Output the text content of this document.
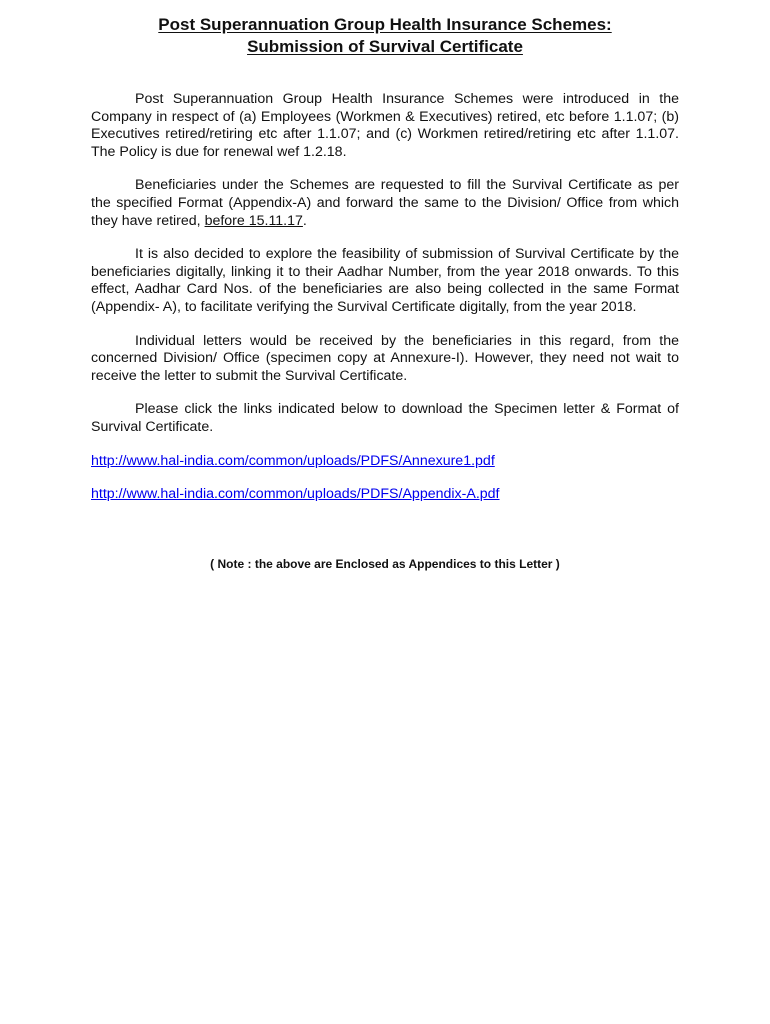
Post Superannuation Group Health Insurance Schemes:
Submission of Survival Certificate

Post Superannuation Group Health Insurance Schemes were introduced in the Company in respect of (a) Employees (Workmen & Executives) retired, etc before 1.1.07; (b) Executives retired/retiring etc after 1.1.07; and (c) Workmen retired/retiring etc after 1.1.07. The Policy is due for renewal wef 1.2.18.

Beneficiaries under the Schemes are requested to fill the Survival Certificate as per the specified Format (Appendix-A) and forward the same to the Division/ Office from which they have retired, before 15.11.17.

It is also decided to explore the feasibility of submission of Survival Certificate by the beneficiaries digitally, linking it to their Aadhar Number, from the year 2018 onwards. To this effect, Aadhar Card Nos. of the beneficiaries are also being collected in the same Format (Appendix- A), to facilitate verifying the Survival Certificate digitally, from the year 2018.

Individual letters would be received by the beneficiaries in this regard, from the concerned Division/ Office (specimen copy at Annexure-I). However, they need not wait to receive the letter to submit the Survival Certificate.

Please click the links indicated below to download the Specimen letter & Format of Survival Certificate.

http://www.hal-india.com/common/uploads/PDFS/Annexure1.pdf
http://www.hal-india.com/common/uploads/PDFS/Appendix-A.pdf
( Note : the above are Enclosed as Appendices to this Letter )
